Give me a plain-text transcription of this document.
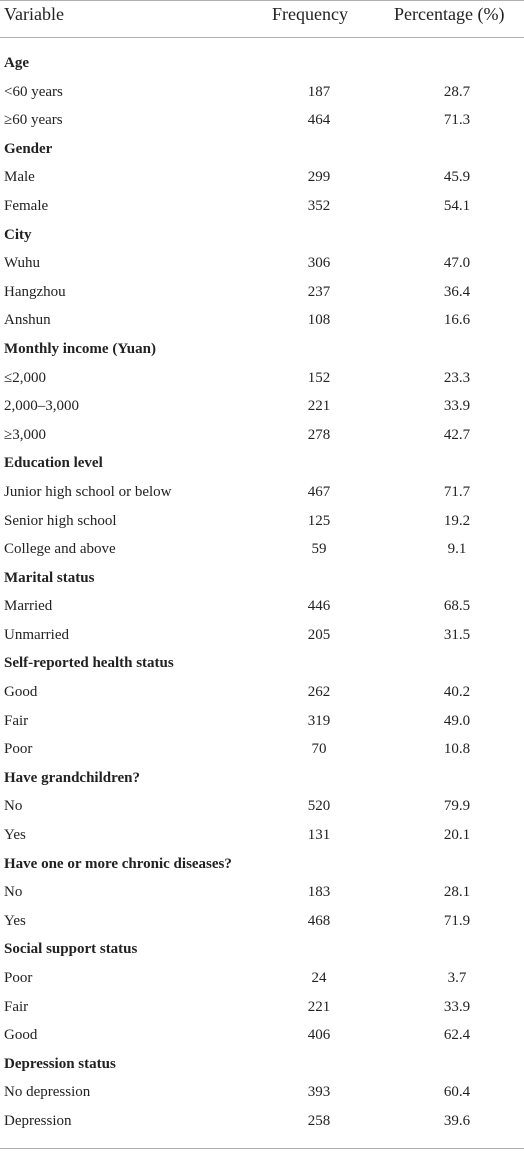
Variable	Frequency	Percentage (%)
Age
<60 years	187	28.7
≥60 years	464	71.3
Gender
Male	299	45.9
Female	352	54.1
City
Wuhu	306	47.0
Hangzhou	237	36.4
Anshun	108	16.6
Monthly income (Yuan)
≤2,000	152	23.3
2,000–3,000	221	33.9
≥3,000	278	42.7
Education level
Junior high school or below	467	71.7
Senior high school	125	19.2
College and above	59	9.1
Marital status
Married	446	68.5
Unmarried	205	31.5
Self-reported health status
Good	262	40.2
Fair	319	49.0
Poor	70	10.8
Have grandchildren?
No	520	79.9
Yes	131	20.1
Have one or more chronic diseases?
No	183	28.1
Yes	468	71.9
Social support status
Poor	24	3.7
Fair	221	33.9
Good	406	62.4
Depression status
No depression	393	60.4
Depression	258	39.6
